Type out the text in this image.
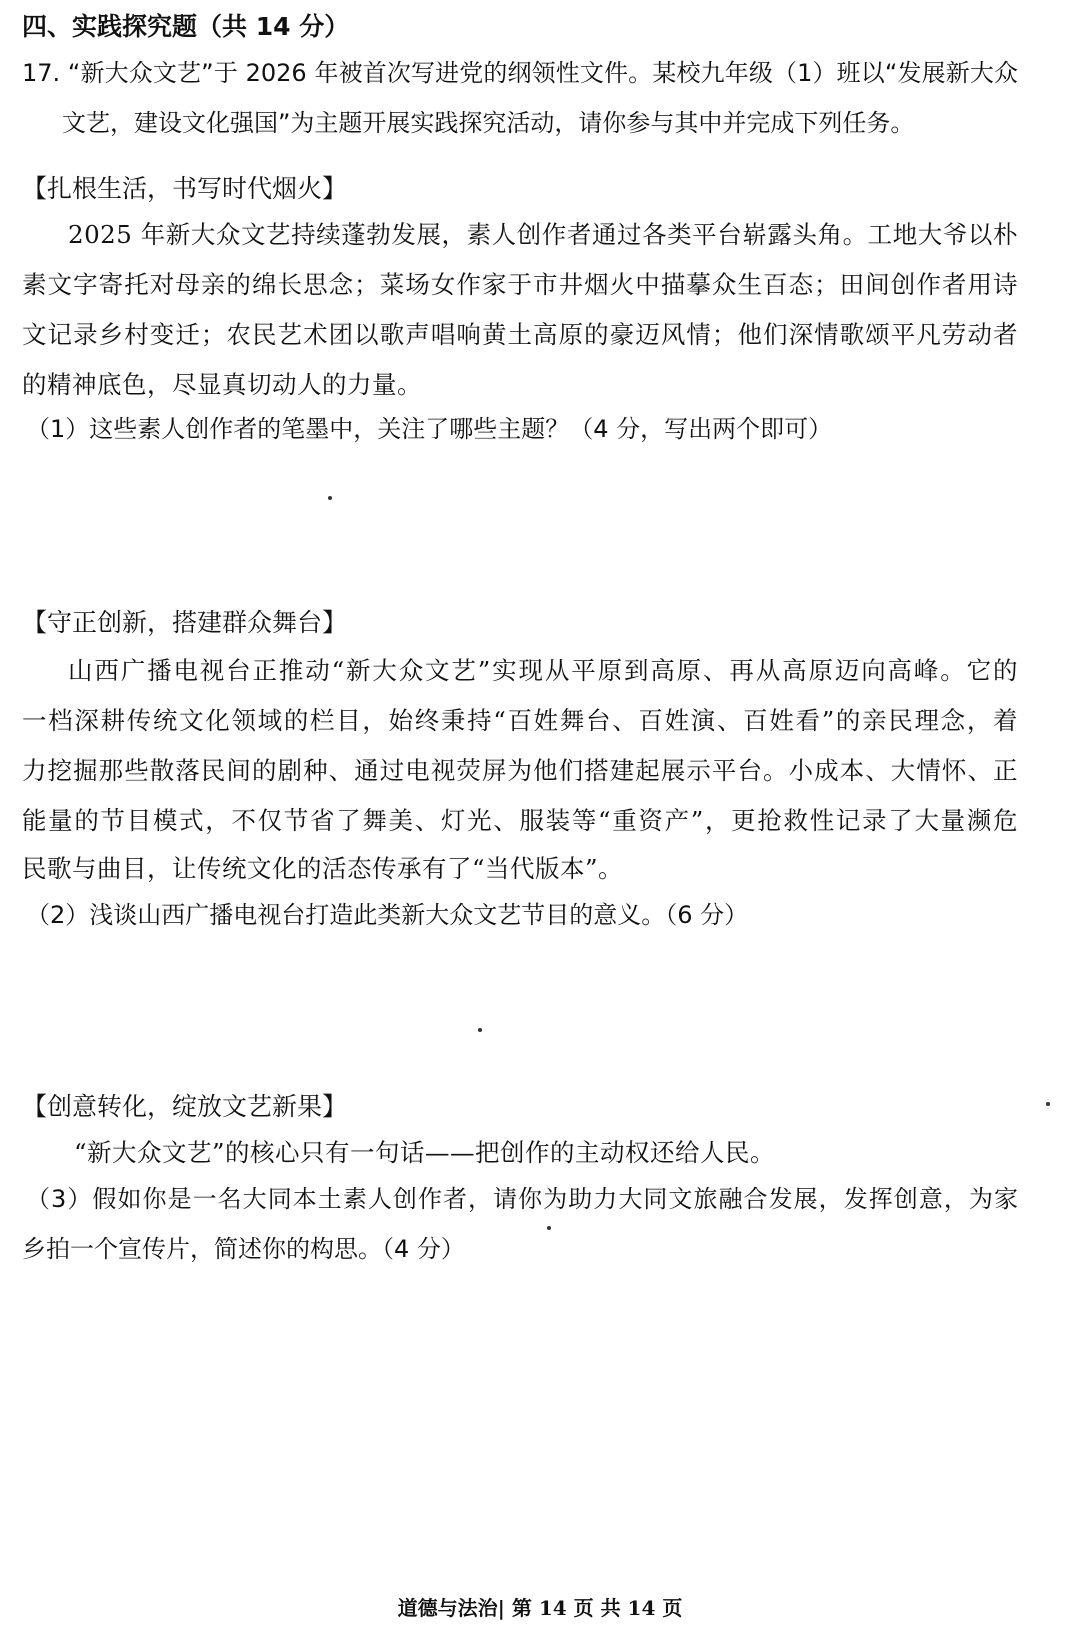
四、实践探究题（共 14 分）
17. “新大众文艺”于 2026 年被首次写进党的纲领性文件。某校九年级（1）班以“发展新大众
文艺，建设文化强国”为主题开展实践探究活动，请你参与其中并完成下列任务。
【扎根生活，书写时代烟火】
2025 年新大众文艺持续蓬勃发展，素人创作者通过各类平台崭露头角。工地大爷以朴
素文字寄托对母亲的绵长思念；菜场女作家于市井烟火中描摹众生百态；田间创作者用诗
文记录乡村变迁；农民艺术团以歌声唱响黄土高原的豪迈风情；他们深情歌颂平凡劳动者
的精神底色，尽显真切动人的力量。
（1）这些素人创作者的笔墨中，关注了哪些主题？（4 分，写出两个即可）
【守正创新，搭建群众舞台】
山西广播电视台正推动“新大众文艺”实现从平原到高原、再从高原迈向高峰。它的
一档深耕传统文化领域的栏目，始终秉持“百姓舞台、百姓演、百姓看”的亲民理念，着
力挖掘那些散落民间的剧种、通过电视荧屏为他们搭建起展示平台。小成本、大情怀、正
能量的节目模式，不仅节省了舞美、灯光、服装等“重资产”，更抢救性记录了大量濒危
民歌与曲目，让传统文化的活态传承有了“当代版本”。
（2）浅谈山西广播电视台打造此类新大众文艺节目的意义。（6 分）
【创意转化，绽放文艺新果】
“新大众文艺”的核心只有一句话——把创作的主动权还给人民。
（3）假如你是一名大同本土素人创作者，请你为助力大同文旅融合发展，发挥创意，为家
乡拍一个宣传片，简述你的构思。（4 分）
道德与法治| 第 14 页 共 14 页
